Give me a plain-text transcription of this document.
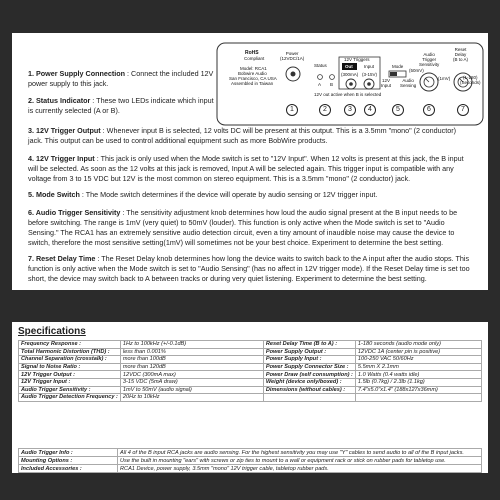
RoHS
Compliant
Model: RCA1
Bobwire Audio
San Francisco, CA USA
Assembled in Taiwan
Power
(12VDC/1A)
Status
A B
12V Triggers
Out	Input
(300mA) (3-15V)
Mode
12V
Input
Audio
Sensing
Audio
Trigger
Sensitivity
(50mV)
(1mV)
Reset
Delay
(B to A)
(1-180)
(Seconds)
12V out active when B is selected
1	2	3	4	5	6	7
1. Power Supply Connection : Connect the included 12V power supply to this jack.
2. Status Indicator : These two LEDs indicate which input is currently selected (A or B).
3. 12V Trigger Output : Whenever input B is selected, 12 volts DC will be present at this output. This is a 3.5mm "mono" (2 conductor) jack. This output can be used to control additional equipment such as more BobWire products.
4. 12V Trigger Input : This jack is only used when the Mode switch is set to "12V Input". When 12 volts is present at this jack, the B input will be selected. As soon as the 12 volts at this jack is removed, Input A will be selected again. This trigger input is compatible with any voltage from 3 to 15 VDC but 12V is the most common on stereo equipment. This is a 3.5mm "mono" (2 conductor) jack.
5. Mode Switch : The Mode switch determines if the device will operate by audio sensing or 12V trigger input.
6. Audio Trigger Sensitivity : The sensitivity adjustment knob determines how loud the audio signal present at the B input needs to be before switching. The range is 1mV (very quiet) to 50mV (louder). This function is only active when the Mode switch is set to "Audio Sensing." The RCA1 has an extremely sensitive audio detection circuit, even a tiny amount of inaudible noise may cause the device to switch, therefore the most sensitive setting(1mV) will sometimes not be your best choice. Experiment to determine the best setting.
7. Reset Delay Time : The Reset Delay knob determines how long the device waits to switch back to the A input after the audio stops. This function is only active when the Mode switch is set to "Audio Sensing" (has no affect in 12V trigger mode). If the Reset Delay time is set too short, the device may switch back to A between tracks or during very quiet listening. Experiment to determine the best setting.
Specifications
Frequency Response :	1Hz to 100kHz (+/-0.1dB)	Reset Delay Time (B to A) :	1-180 seconds (audio mode only)
Total Harmonic Distortion (THD) :	less than 0.001%	Power Supply Output :	12VDC 1A (center pin is positive)
Channel Separation (crosstalk) :	more than 100dB	Power Supply Input :	100-250 VAC 50/60Hz
Signal to Noise Ratio :	more than 120dB	Power Supply Connector Size :	5.5mm X 2.1mm
12V Trigger Output :	12VDC (300mA max)	Power Draw (self consumption) :	1.0 Watts (0.4 watts idle)
12V Trigger Input :	3-15 VDC (5mA draw)	Weight (device only/boxed) :	1.5lb (0.7kg) / 2.3lb (1.1kg)
Audio Trigger Sensitivity :	1mV to 50mV (audio signal)	Dimensions (without cables) :	7.4"x5.0"x1.4" (188x127x36mm)
Audio Trigger Detection Frequency :	20Hz to 10kHz		
Audio Trigger Info :	All 4 of the B input RCA jacks are audio sensing. For the highest sensitivity you may use "Y" cables to send audio to all of the B input jacks.
Mounting Options :	Use the built in mounting "ears" with screws or zip ties to mount to a wall or equipment rack or stick on rubber pads for tabletop use.
Included Accessories :	RCA1 Device, power supply, 3.5mm "mono" 12V trigger cable, tabletop rubber pads.
